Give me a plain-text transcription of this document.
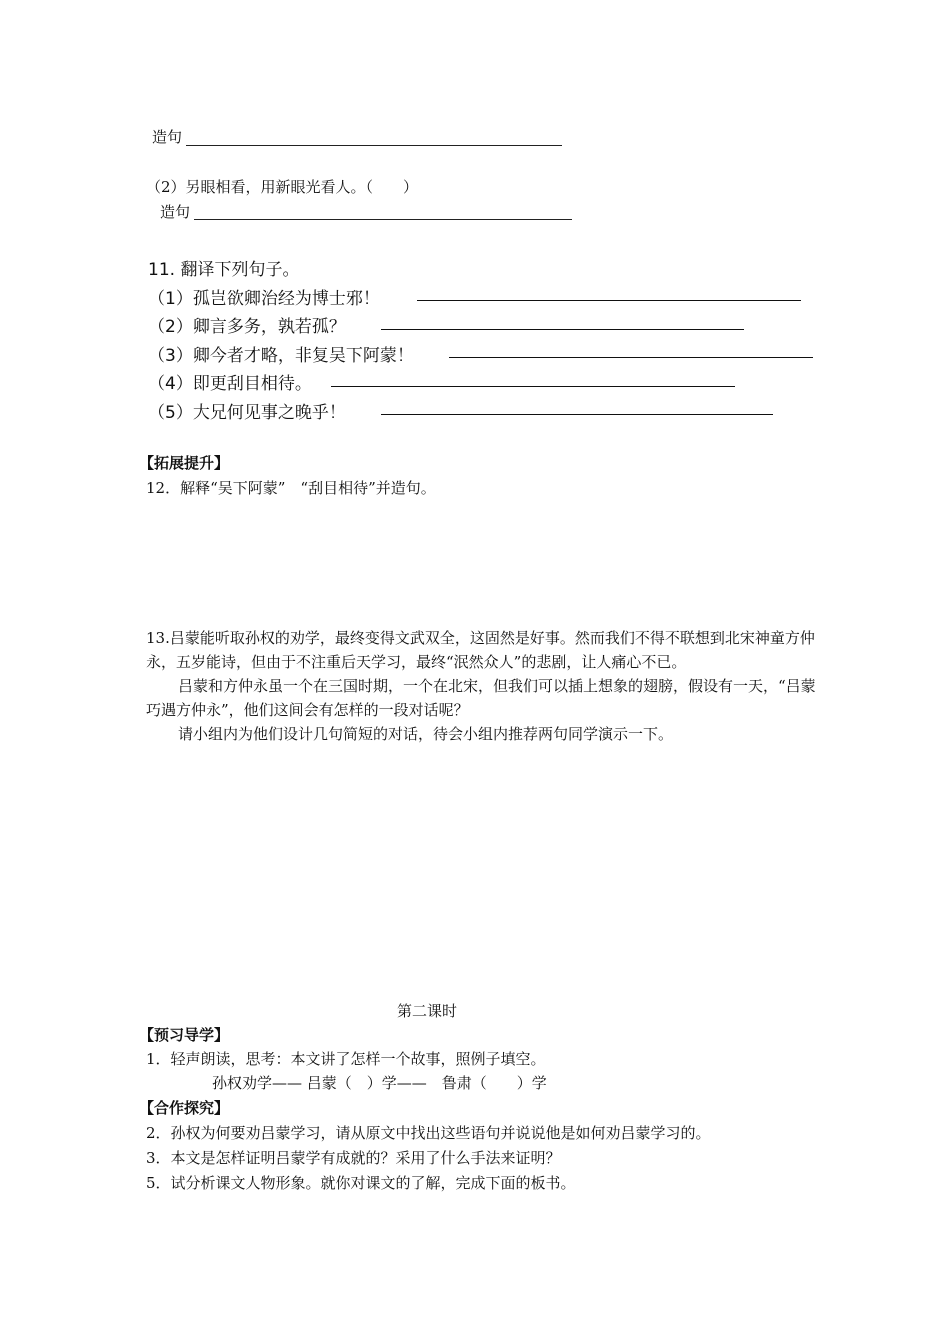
造句
（2）另眼相看，用新眼光看人。（　　）
造句
11. 翻译下列句子。
（1）孤岂欲卿治经为博士邪！
（2）卿言多务，孰若孤？
（3）卿今者才略，非复吴下阿蒙！
（4）即更刮目相待。
（5）大兄何见事之晚乎！
【拓展提升】
12．解释“吴下阿蒙”　“刮目相待”并造句。
13.吕蒙能听取孙权的劝学，最终变得文武双全，这固然是好事。然而我们不得不联想到北宋神童方仲永，五岁能诗，但由于不注重后天学习，最终“泯然众人”的悲剧，让人痛心不已。
吕蒙和方仲永虽一个在三国时期，一个在北宋，但我们可以插上想象的翅膀，假设有一天，“吕蒙巧遇方仲永”，他们这间会有怎样的一段对话呢？
请小组内为他们设计几句简短的对话，待会小组内推荐两句同学演示一下。
第二课时
【预习导学】
1．轻声朗读，思考：本文讲了怎样一个故事，照例子填空。
孙权劝学—— 吕蒙（　）学——　鲁肃（　　）学
【合作探究】
2．孙权为何要劝吕蒙学习，请从原文中找出这些语句并说说他是如何劝吕蒙学习的。
3．本文是怎样证明吕蒙学有成就的？采用了什么手法来证明？
5．试分析课文人物形象。就你对课文的了解，完成下面的板书。
